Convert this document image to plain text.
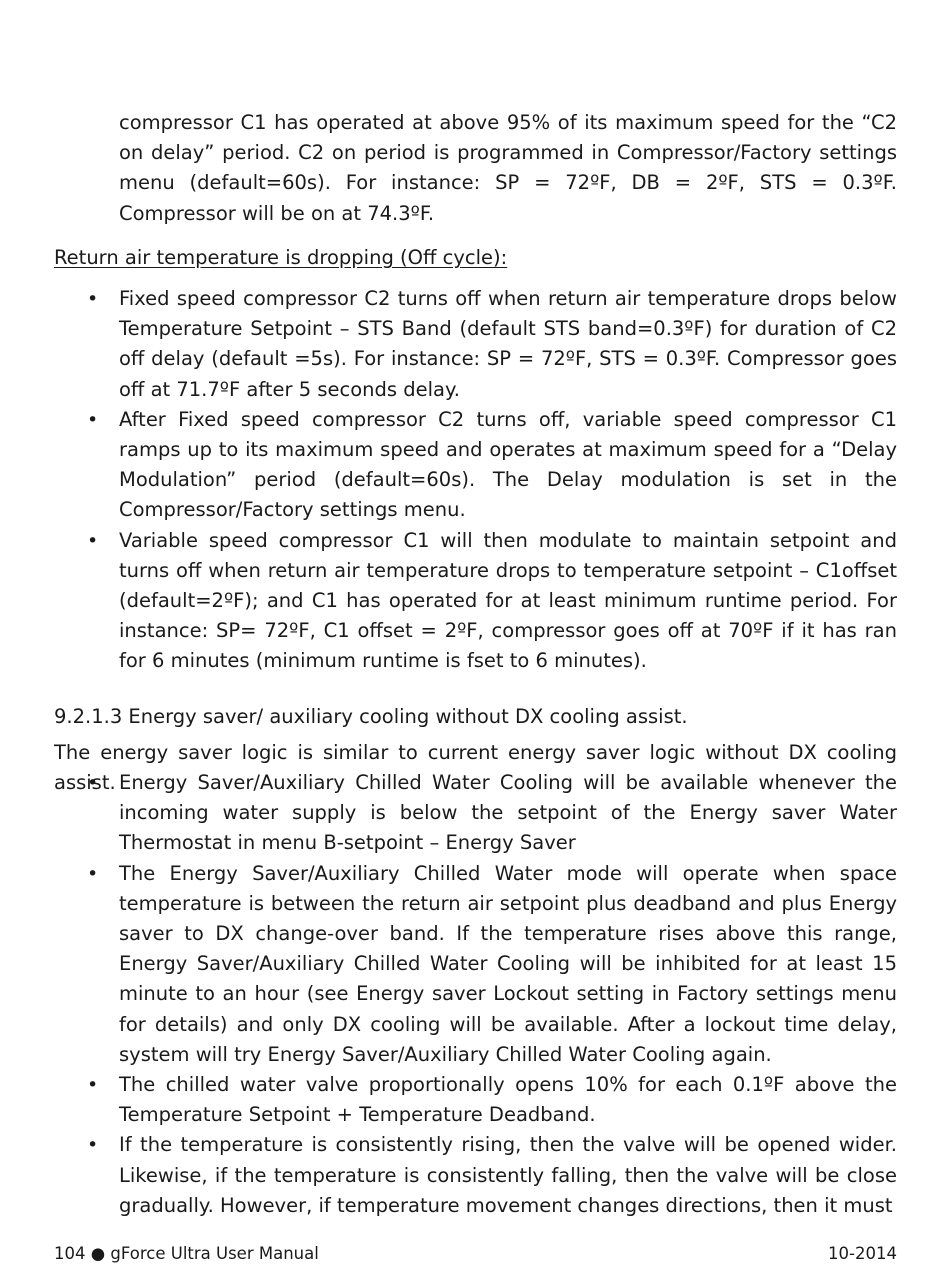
compressor C1 has operated at above 95% of its maximum speed for the “C2 on delay” period. C2 on period is programmed in Compressor/Factory settings menu (default=60s). For instance: SP = 72ºF, DB = 2ºF, STS = 0.3ºF. Compressor will be on at 74.3ºF.

Return air temperature is dropping (Off cycle):

• Fixed speed compressor C2 turns off when return air temperature drops below Temperature Setpoint – STS Band (default STS band=0.3ºF) for duration of C2 off delay (default =5s). For instance: SP = 72ºF, STS = 0.3ºF. Compressor goes off at 71.7ºF after 5 seconds delay.
• After Fixed speed compressor C2 turns off, variable speed compressor C1 ramps up to its maximum speed and operates at maximum speed for a “Delay Modulation” period (default=60s). The Delay modulation is set in the Compressor/Factory settings menu.
• Variable speed compressor C1 will then modulate to maintain setpoint and turns off when return air temperature drops to temperature setpoint – C1offset (default=2ºF); and C1 has operated for at least minimum runtime period. For instance: SP= 72ºF, C1 offset = 2ºF, compressor goes off at 70ºF if it has ran for 6 minutes (minimum runtime is fset to 6 minutes).

9.2.1.3 Energy saver/ auxiliary cooling without DX cooling assist.

The energy saver logic is similar to current energy saver logic without DX cooling assist.

• Energy Saver/Auxiliary Chilled Water Cooling will be available whenever the incoming water supply is below the setpoint of the Energy saver Water Thermostat in menu B-setpoint – Energy Saver
• The Energy Saver/Auxiliary Chilled Water mode will operate when space temperature is between the return air setpoint plus deadband and plus Energy saver to DX change-over band. If the temperature rises above this range, Energy Saver/Auxiliary Chilled Water Cooling will be inhibited for at least 15 minute to an hour (see Energy saver Lockout setting in Factory settings menu for details) and only DX cooling will be available. After a lockout time delay, system will try Energy Saver/Auxiliary Chilled Water Cooling again.
• The chilled water valve proportionally opens 10% for each 0.1ºF above the Temperature Setpoint + Temperature Deadband.
• If the temperature is consistently rising, then the valve will be opened wider. Likewise, if the temperature is consistently falling, then the valve will be close gradually. However, if temperature movement changes directions, then it must
104 ● gForce Ultra User Manual	10-2014
